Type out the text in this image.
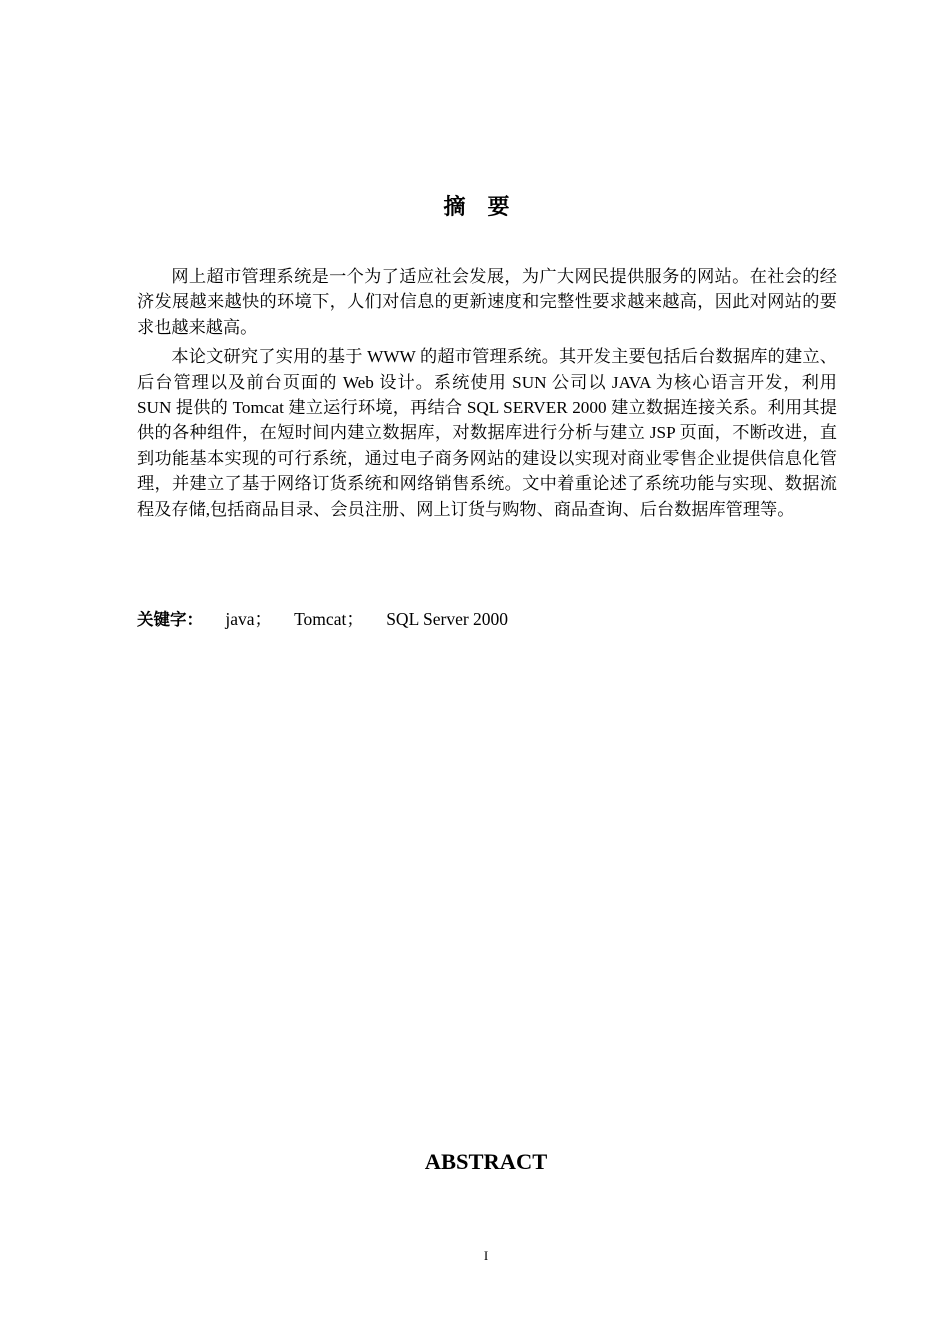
摘要

网上超市管理系统是一个为了适应社会发展，为广大网民提供服务的网站。在社会的经济发展越来越快的环境下，人们对信息的更新速度和完整性要求越来越高，因此对网站的要求也越来越高。

本论文研究了实用的基于 WWW 的超市管理系统。其开发主要包括后台数据库的建立、后台管理以及前台页面的 Web 设计。系统使用 SUN 公司以 JAVA 为核心语言开发，利用 SUN 提供的 Tomcat 建立运行环境，再结合 SQL SERVER 2000 建立数据连接关系。利用其提供的各种组件，在短时间内建立数据库，对数据库进行分析与建立 JSP 页面，不断改进，直到功能基本实现的可行系统，通过电子商务网站的建设以实现对商业零售企业提供信息化管理，并建立了基于网络订货系统和网络销售系统。文中着重论述了系统功能与实现、数据流程及存储,包括商品目录、会员注册、网上订货与购物、商品查询、后台数据库管理等。

关键字： java； Tomcat； SQL Server 2000
ABSTRACT
I
